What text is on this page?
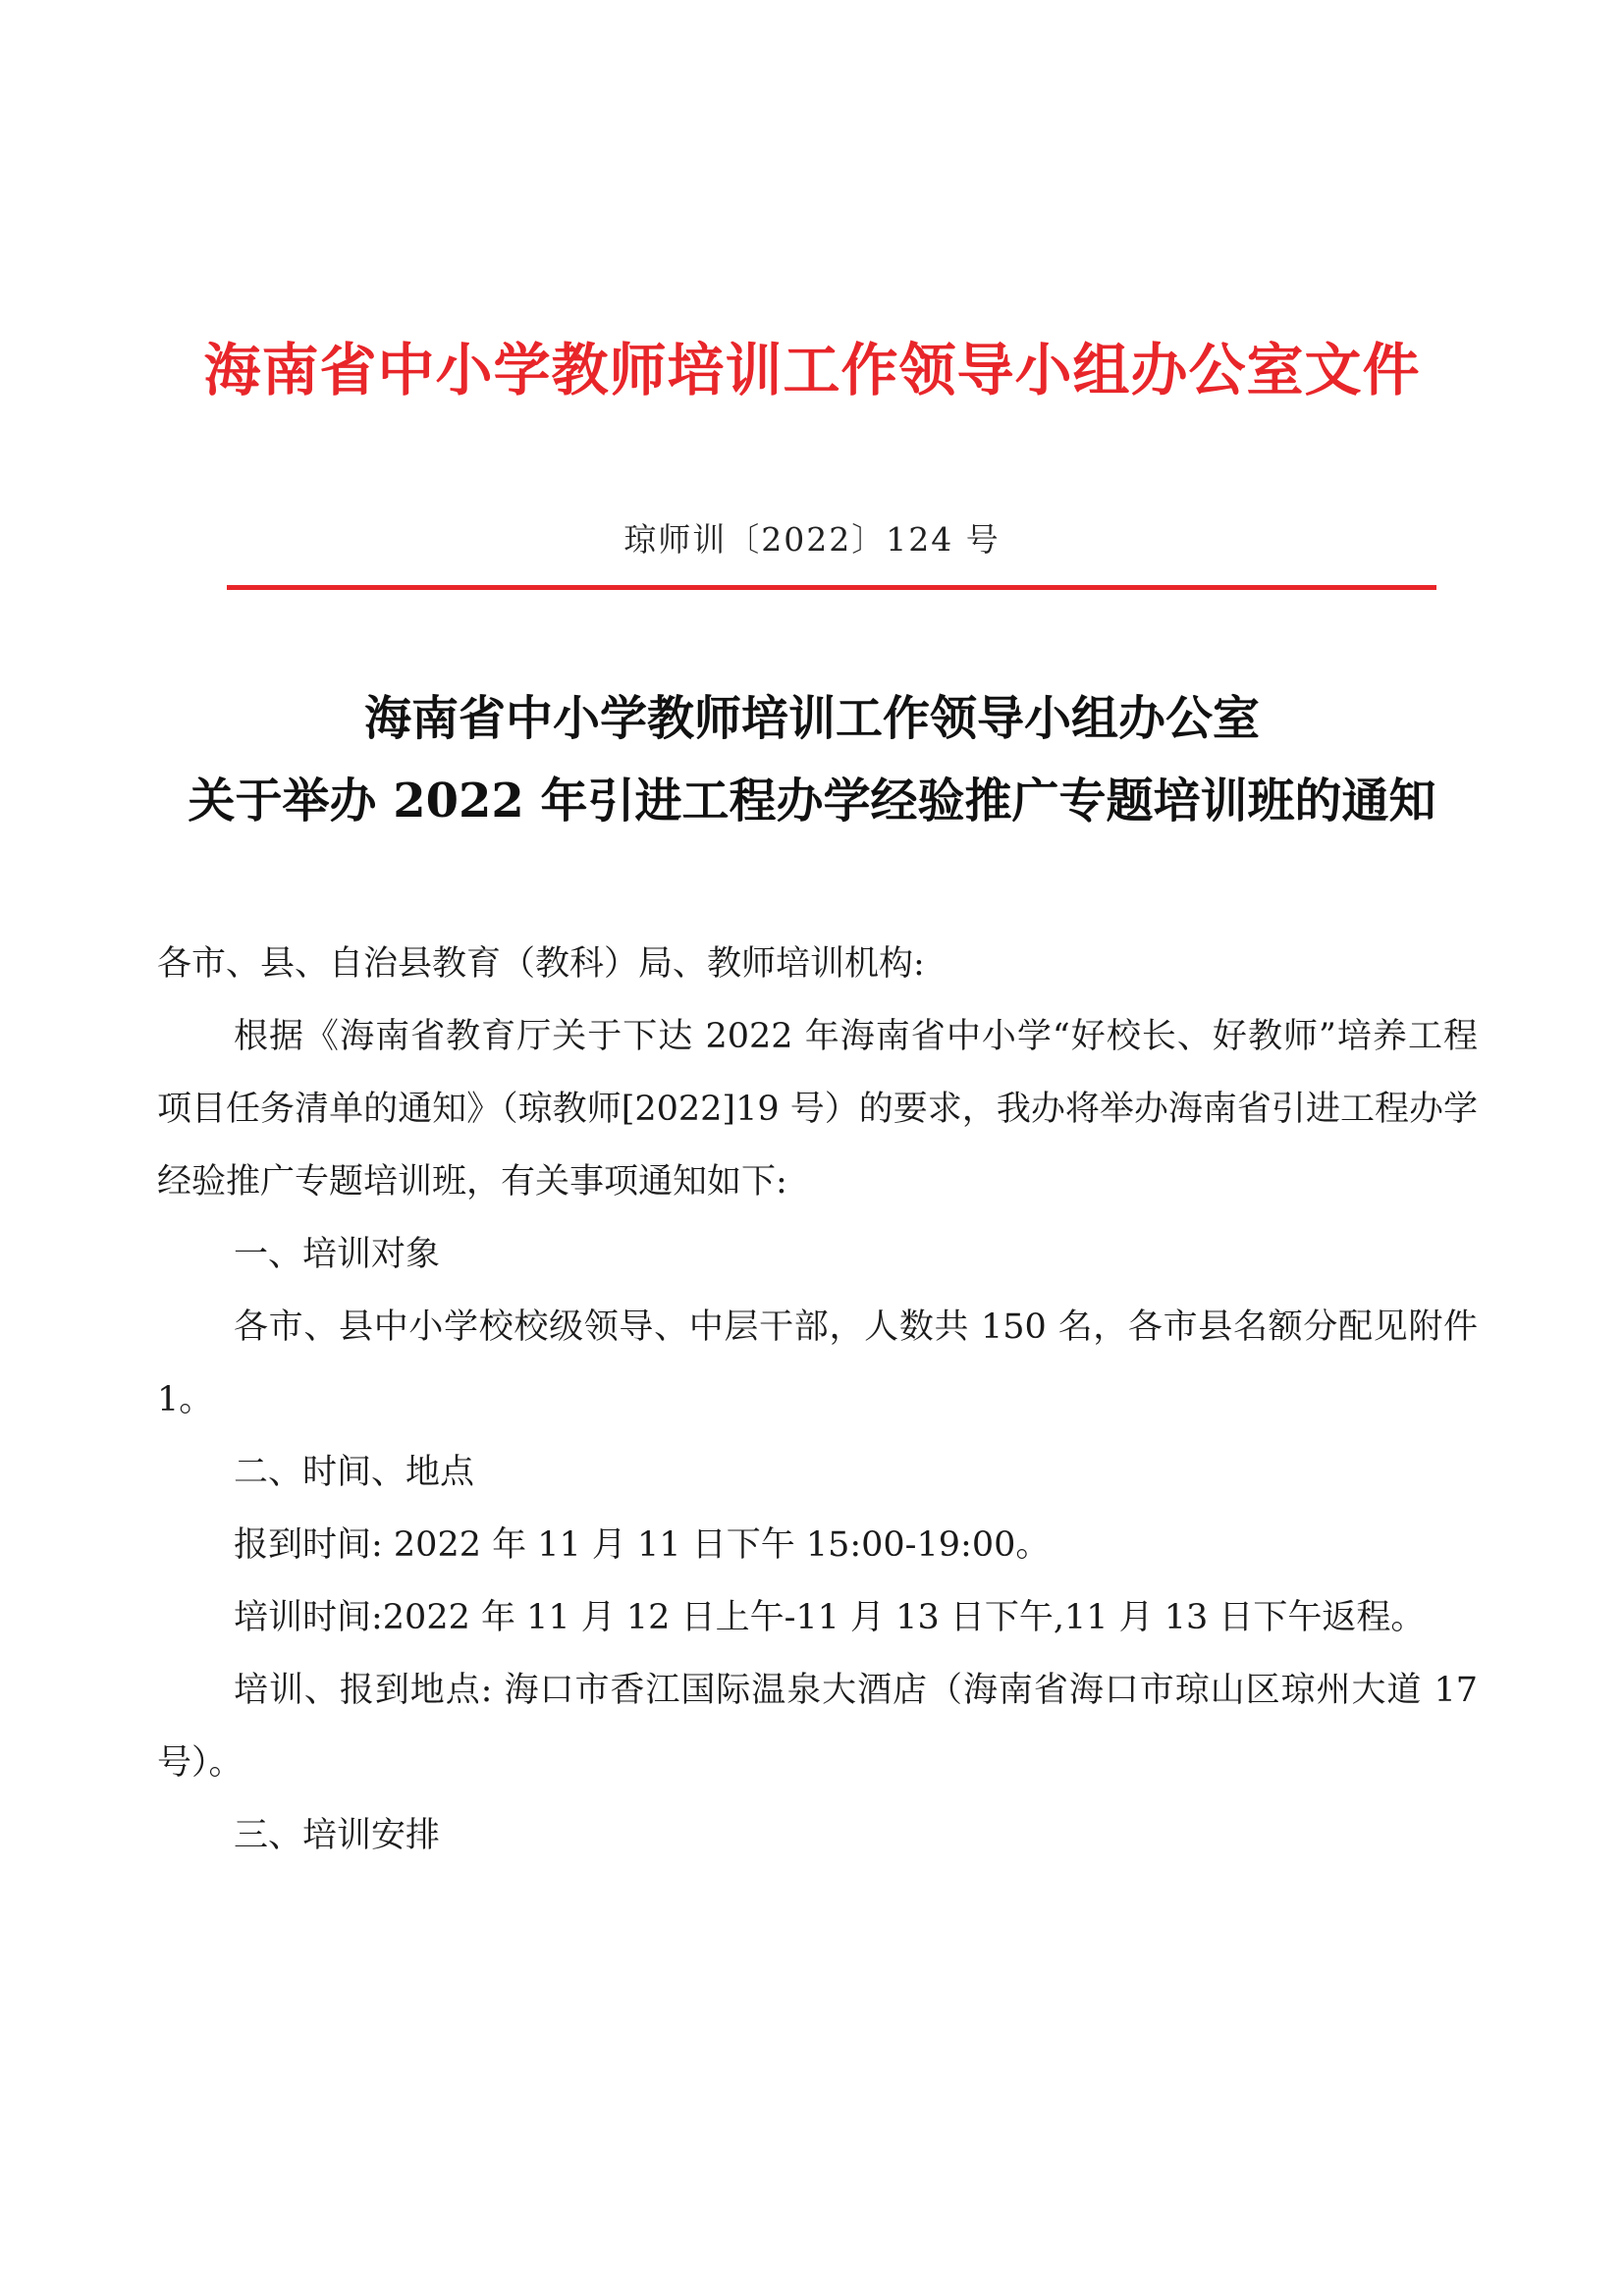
海南省中小学教师培训工作领导小组办公室文件
琼师训〔2022〕124 号
海南省中小学教师培训工作领导小组办公室
关于举办 2022 年引进工程办学经验推广专题培训班的通知

各市、县、自治县教育（教科）局、教师培训机构:

根据《海南省教育厅关于下达 2022 年海南省中小学“好校长、好教师”培养工程项目任务清单的通知》（琼教师[2022]19 号）的要求，我办将举办海南省引进工程办学经验推广专题培训班，有关事项通知如下:

一、培训对象

各市、县中小学校校级领导、中层干部，人数共 150 名，各市县名额分配见附件 1。

二、时间、地点

报到时间: 2022 年 11 月 11 日下午 15:00-19:00。

培训时间:2022 年 11 月 12 日上午-11 月 13 日下午,11 月 13 日下午返程。

培训、报到地点: 海口市香江国际温泉大酒店（海南省海口市琼山区琼州大道 17 号）。

三、培训安排
